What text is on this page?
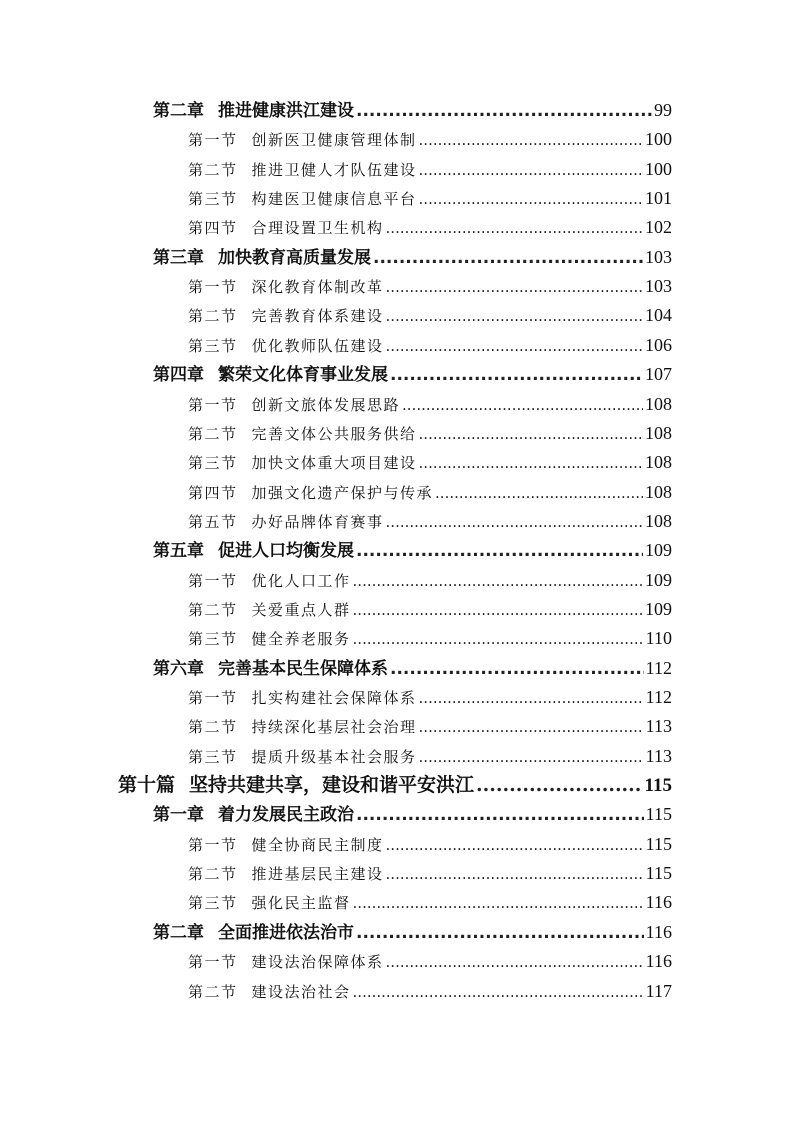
第二章 推进健康洪江建设 .....	99
第一节 创新医卫健康管理体制 .....	100
第二节 推进卫健人才队伍建设 .....	100
第三节 构建医卫健康信息平台 .....	101
第四节 合理设置卫生机构 .....	102
第三章 加快教育高质量发展 .....	103
第一节 深化教育体制改革 .....	103
第二节 完善教育体系建设 .....	104
第三节 优化教师队伍建设 .....	106
第四章 繁荣文化体育事业发展 .....	107
第一节 创新文旅体发展思路 .....	108
第二节 完善文体公共服务供给 .....	108
第三节 加快文体重大项目建设 .....	108
第四节 加强文化遗产保护与传承 .....	108
第五节 办好品牌体育赛事 .....	108
第五章 促进人口均衡发展 .....	109
第一节 优化人口工作 .....	109
第二节 关爱重点人群 .....	109
第三节 健全养老服务 .....	110
第六章 完善基本民生保障体系 .....	112
第一节 扎实构建社会保障体系 .....	112
第二节 持续深化基层社会治理 .....	113
第三节 提质升级基本社会服务 .....	113
第十篇 坚持共建共享，建设和谐平安洪江 .....	115
第一章 着力发展民主政治 .....	115
第一节 健全协商民主制度 .....	115
第二节 推进基层民主建设 .....	115
第三节 强化民主监督 .....	116
第二章 全面推进依法治市 .....	116
第一节 建设法治保障体系 .....	116
第二节 建设法治社会 .....	117
